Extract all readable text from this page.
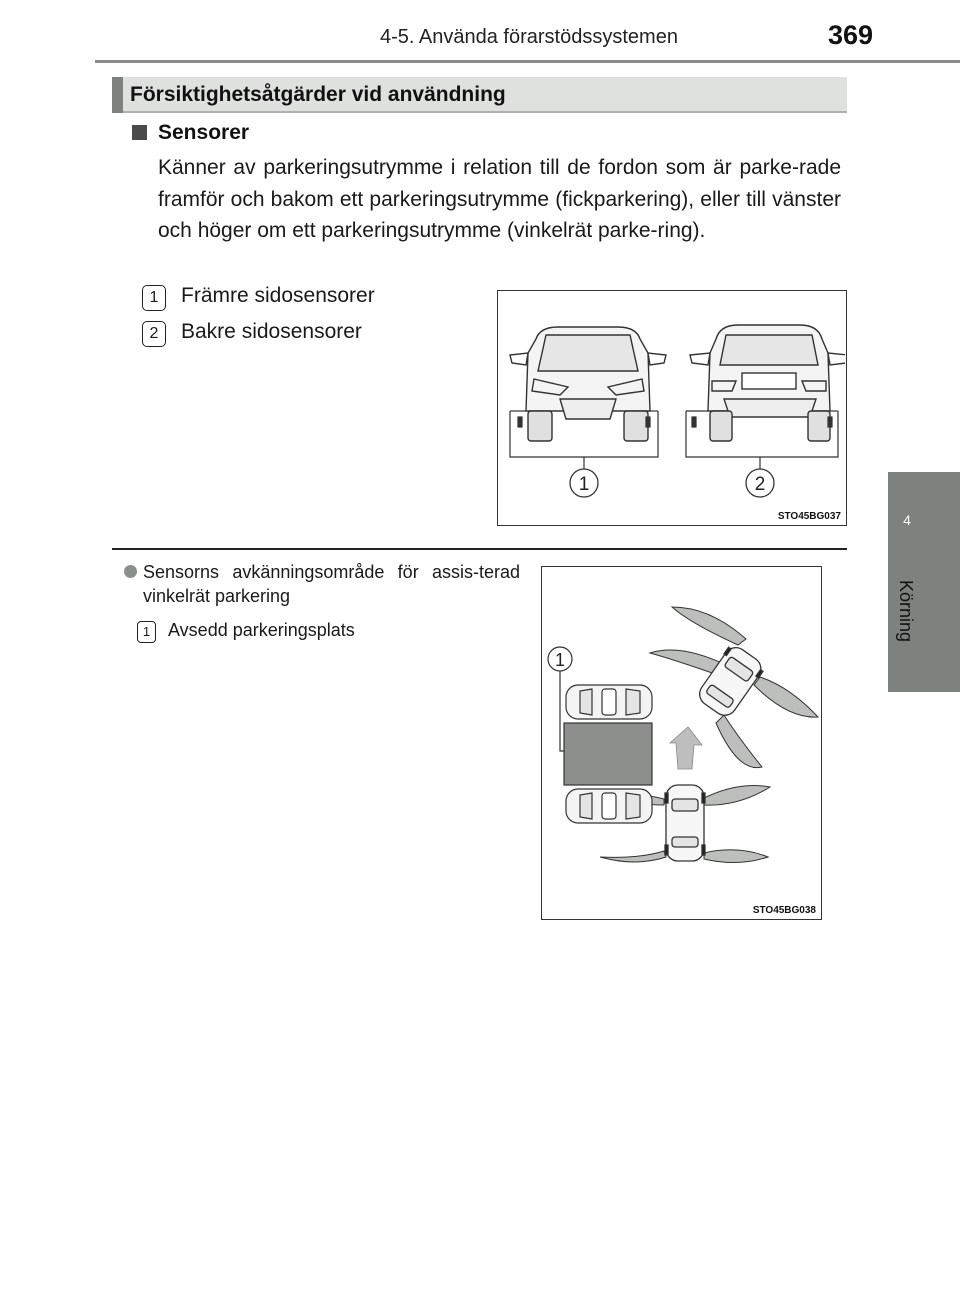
4-5. Använda förarstödssystemen	369
4
Körning
Försiktighetsåtgärder vid användning
Sensorer
Känner av parkeringsutrymme i relation till de fordon som är parke-rade framför och bakom ett parkeringsutrymme (fickparkering), eller till vänster och höger om ett parkeringsutrymme (vinkelrät parke-ring).
1	Främre sidosensorer
2	Bakre sidosensorer
1	2
STO45BG037
Sensorns avkänningsområde för assis-terad vinkelrät parkering
1 Avsedd parkeringsplats
1
STO45BG038
